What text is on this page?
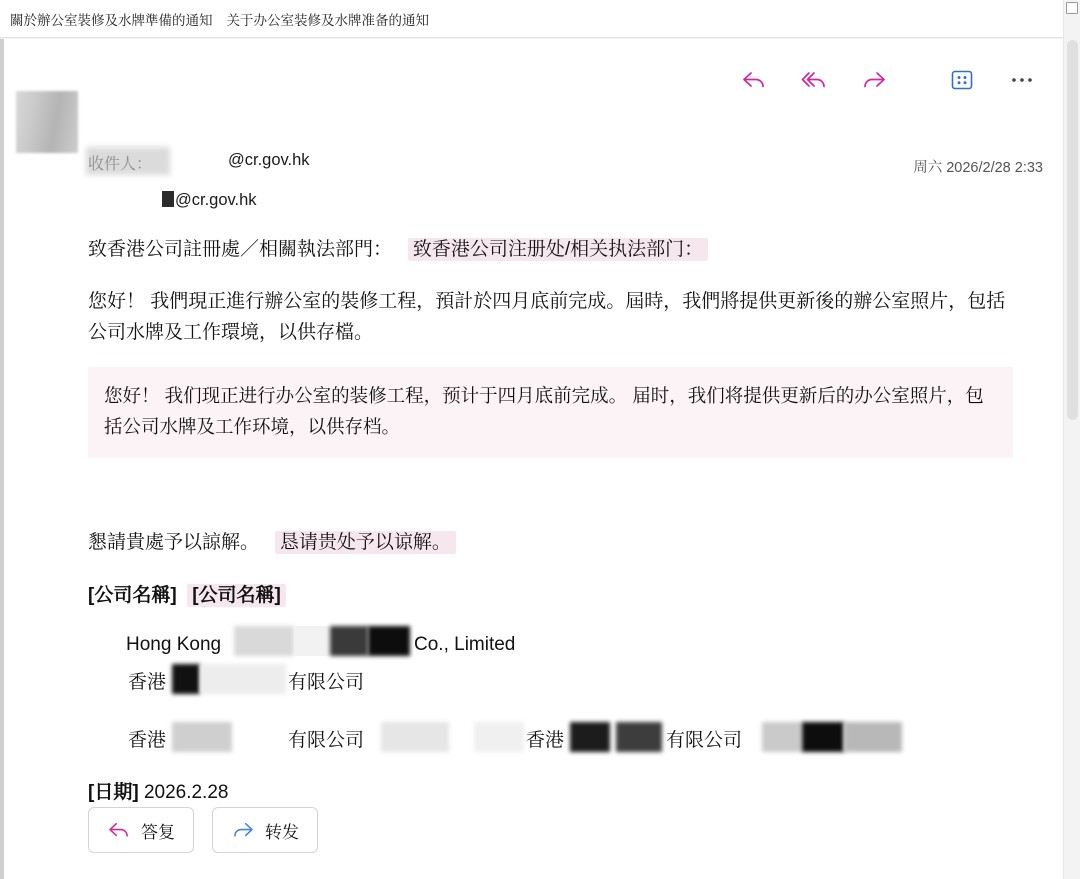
關於辦公室裝修及水牌準備的通知 关于办公室装修及水牌准备的通知
@cr.gov.hk	周六 2026/2/28 2:33
@cr.gov.hk
致香港公司註冊處／相關執法部門： 致香港公司注册处/相关执法部门：
您好！ 我們現正進行辦公室的裝修工程，預計於四月底前完成。屆時，我們將提供更新後的辦公室照片，包括公司水牌及工作環境，以供存檔。
您好！ 我们现正进行办公室的装修工程，预计于四月底前完成。 届时，我们将提供更新后的办公室照片，包括公司水牌及工作环境，以供存档。
懇請貴處予以諒解。 恳请贵处予以谅解。
[公司名稱] [公司名稱]
Hong Kong	Co., Limited
香港	有限公司
香港	有限公司	香港	有限公司
[日期] 2026.2.28
答复	转发
